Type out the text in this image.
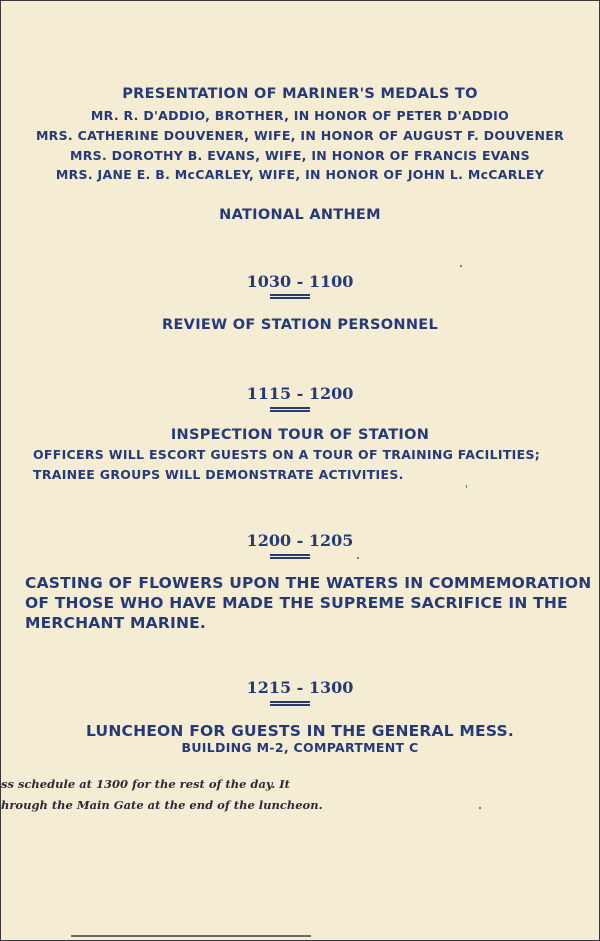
PRESENTATION OF MARINER'S MEDALS TO
MR. R. D'ADDIO, BROTHER, IN HONOR OF PETER D'ADDIO
MRS. CATHERINE DOUVENER, WIFE, IN HONOR OF AUGUST F. DOUVENER
MRS. DOROTHY B. EVANS, WIFE, IN HONOR OF FRANCIS EVANS
MRS. JANE E. B. McCARLEY, WIFE, IN HONOR OF JOHN L. McCARLEY
NATIONAL ANTHEM
1030 - 1100
REVIEW OF STATION PERSONNEL
1115 - 1200
INSPECTION TOUR OF STATION
OFFICERS WILL ESCORT GUESTS ON A TOUR OF TRAINING FACILITIES;
TRAINEE GROUPS WILL DEMONSTRATE ACTIVITIES.
1200 - 1205
CASTING OF FLOWERS UPON THE WATERS IN COMMEMORATION
OF THOSE WHO HAVE MADE THE SUPREME SACRIFICE IN THE
MERCHANT MARINE.
1215 - 1300
LUNCHEON FOR GUESTS IN THE GENERAL MESS.
BUILDING M-2, COMPARTMENT C
ss schedule at 1300 for the rest of the day. It
hrough the Main Gate at the end of the luncheon.
